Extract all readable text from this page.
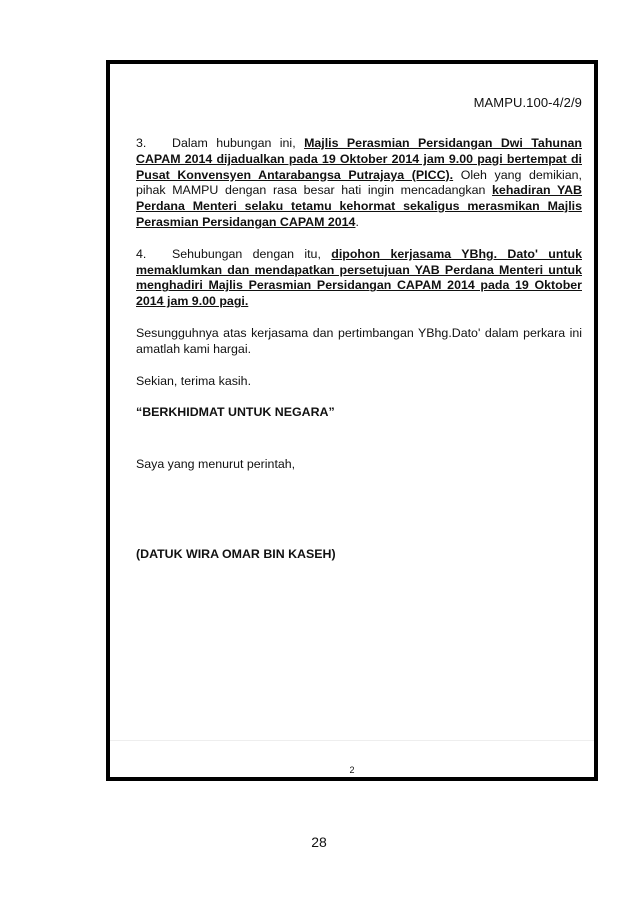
MAMPU.100-4/2/9

3. Dalam hubungan ini, Majlis Perasmian Persidangan Dwi Tahunan CAPAM 2014 dijadualkan pada 19 Oktober 2014 jam 9.00 pagi bertempat di Pusat Konvensyen Antarabangsa Putrajaya (PICC). Oleh yang demikian, pihak MAMPU dengan rasa besar hati ingin mencadangkan kehadiran YAB Perdana Menteri selaku tetamu kehormat sekaligus merasmikan Majlis Perasmian Persidangan CAPAM 2014.

4. Sehubungan dengan itu, dipohon kerjasama YBhg. Dato' untuk memaklumkan dan mendapatkan persetujuan YAB Perdana Menteri untuk menghadiri Majlis Perasmian Persidangan CAPAM 2014 pada 19 Oktober 2014 jam 9.00 pagi.

Sesungguhnya atas kerjasama dan pertimbangan YBhg.Dato' dalam perkara ini amatlah kami hargai.

Sekian, terima kasih.

“BERKHIDMAT UNTUK NEGARA”

Saya yang menurut perintah,

(DATUK WIRA OMAR BIN KASEH)

2
28
